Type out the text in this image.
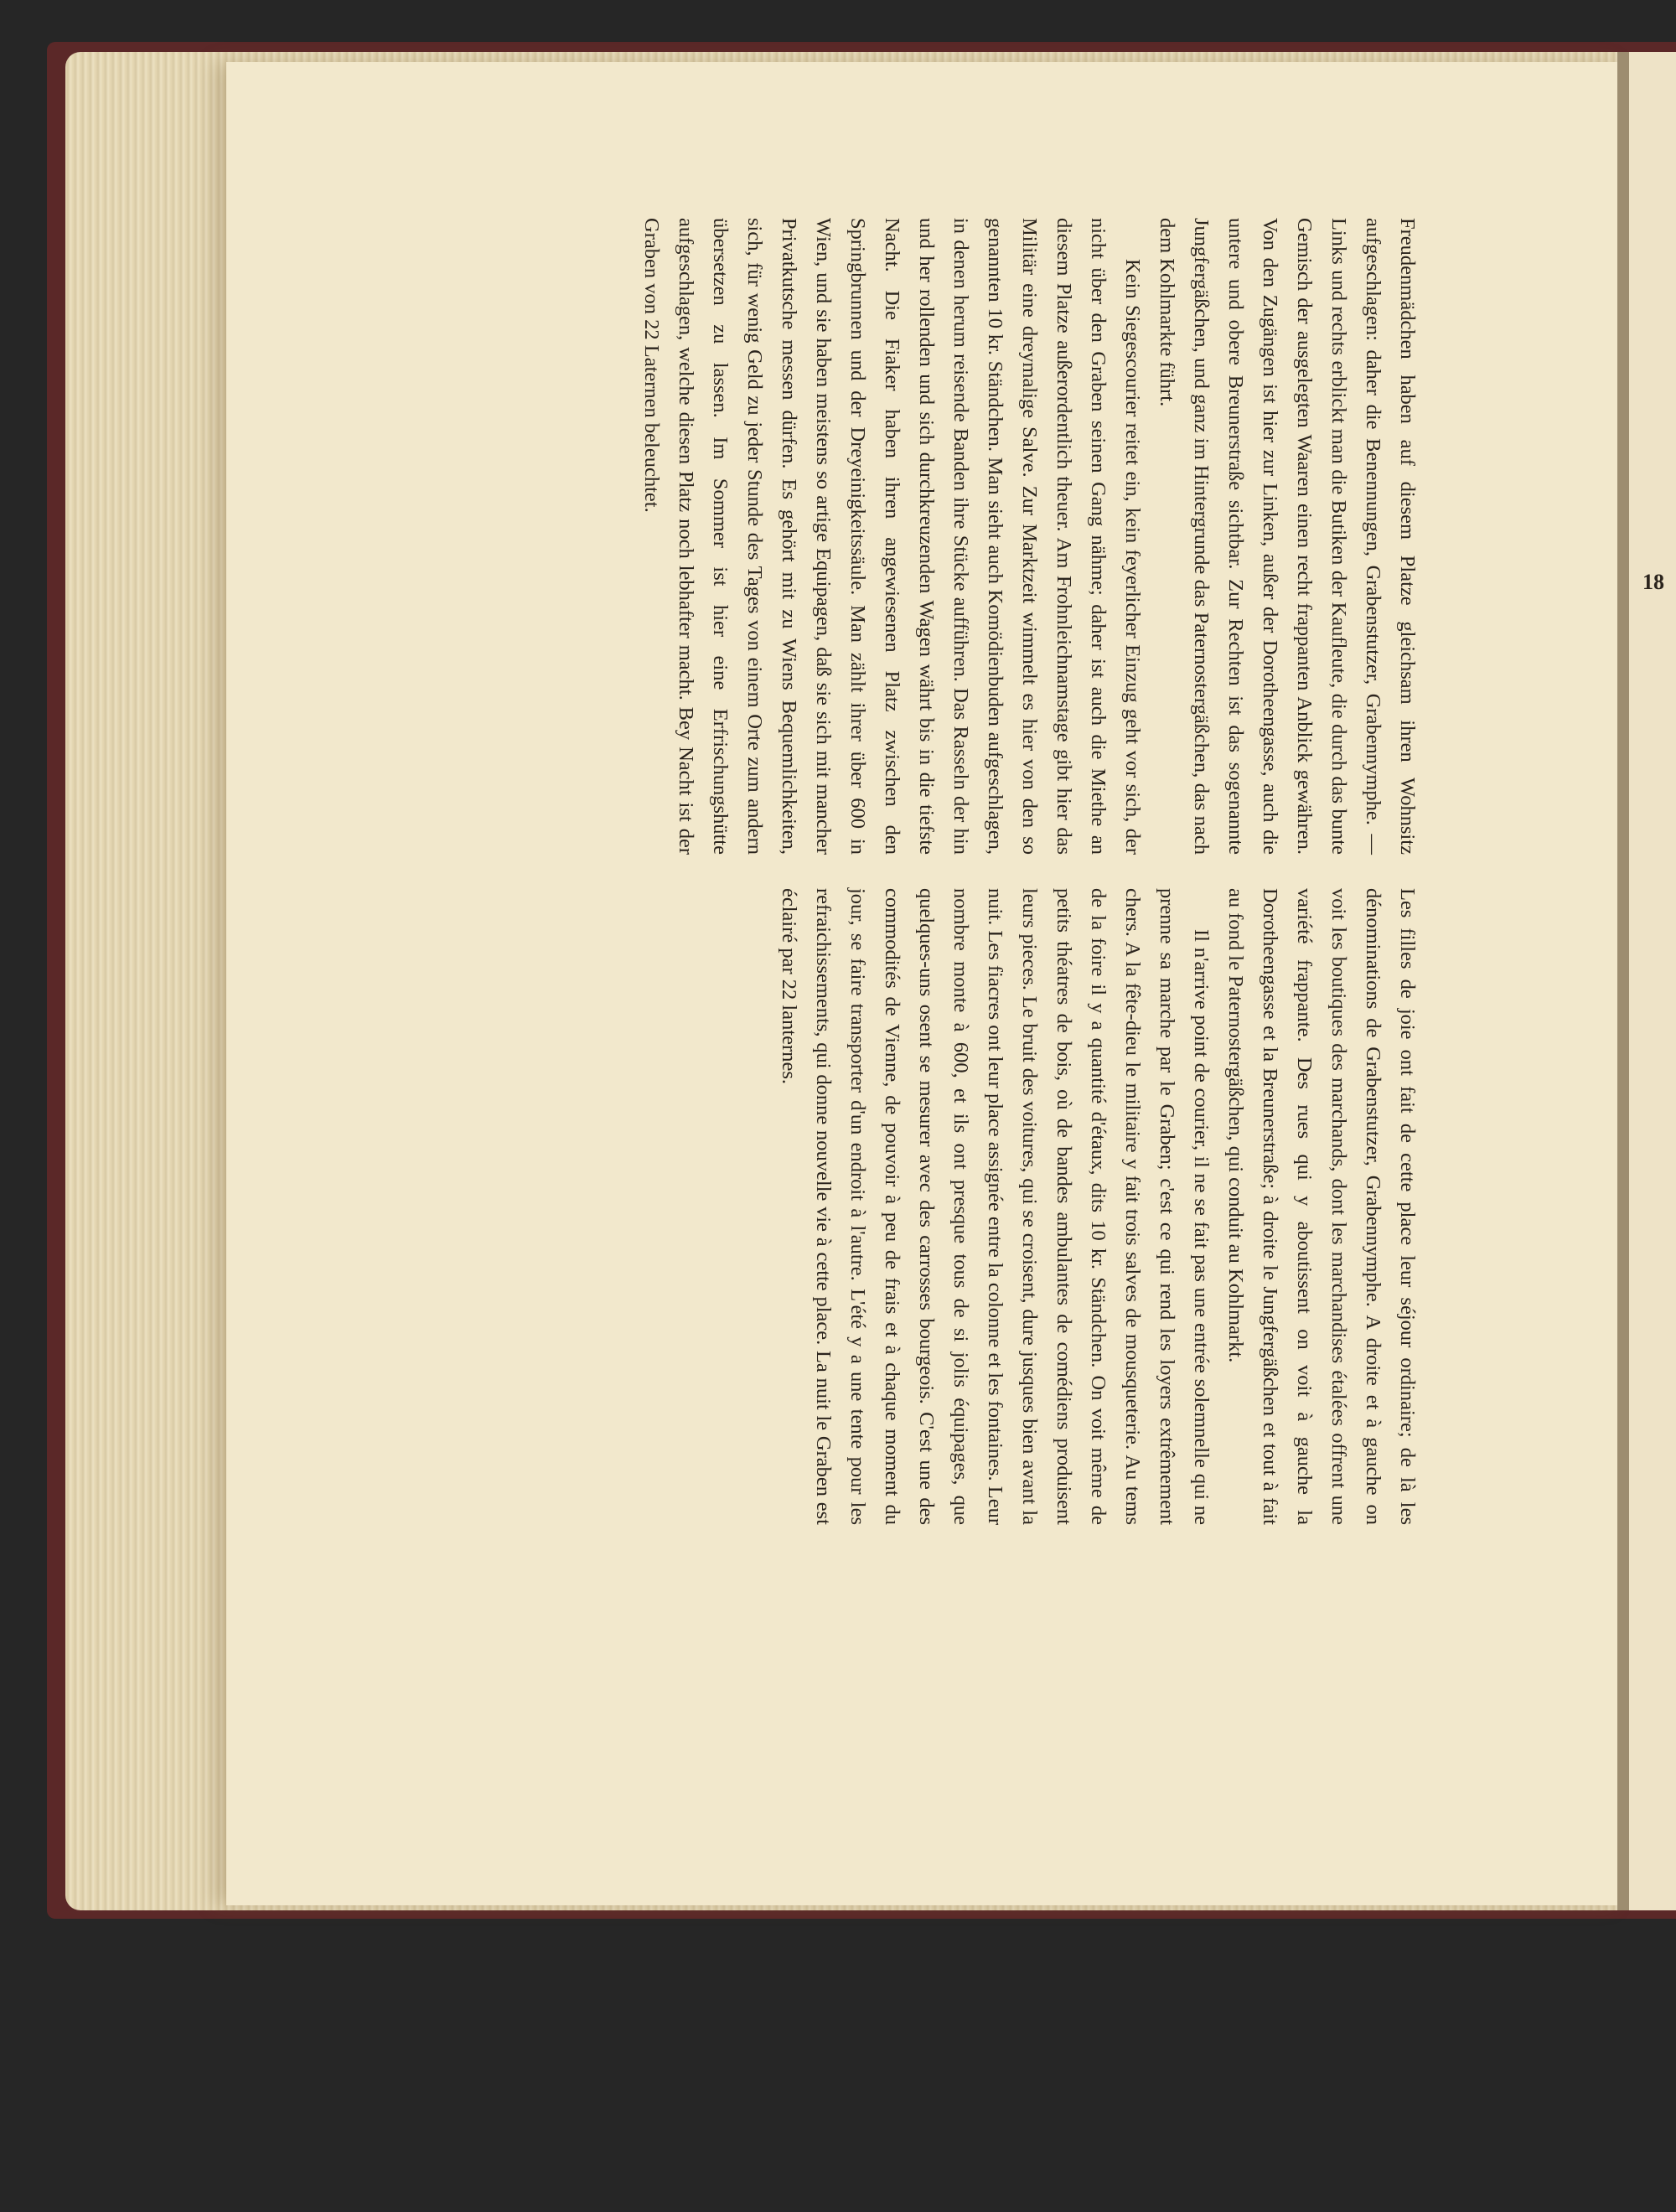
Freudenmädchen haben auf diesem Platze gleichsam ihren Wohnsitz aufgeschlagen: daher die Benennungen, Grabenstutzer, Grabennymphe. — Links und rechts erblickt man die Butiken der Kaufleute, die durch das bunte Gemisch der ausgelegten Waaren einen recht frappanten Anblick gewähren. Von den Zugängen ist hier zur Linken, außer der Dorotheengasse, auch die untere und obere Breunerstraße sichtbar. Zur Rechten ist das sogenannte Jungfergäßchen, und ganz im Hintergrunde das Paternostergäßchen, das nach dem Kohlmarkte führt.

Kein Siegescourier reitet ein, kein feyerlicher Einzug geht vor sich, der nicht über den Graben seinen Gang nähme; daher ist auch die Miethe an diesem Platze außerordentlich theuer. Am Frohnleichnamstage gibt hier das Militär eine dreymalige Salve. Zur Marktzeit wimmelt es hier von den so genannten 10 kr. Ständchen. Man sieht auch Komödienbuden aufgeschlagen, in denen herum reisende Banden ihre Stücke aufführen. Das Rasseln der hin und her rollenden und sich durchkreuzenden Wagen währt bis in die tiefste Nacht. Die Fiaker haben ihren angewiesenen Platz zwischen den Springbrunnen und der Dreyeinigkeitssäule. Man zählt ihrer über 600 in Wien, und sie haben meistens so artige Equipagen, daß sie sich mit mancher Privatkutsche messen dürfen. Es gehört mit zu Wiens Bequemlichkeiten, sich, für wenig Geld zu jeder Stunde des Tages von einem Orte zum andern übersetzen zu lassen. Im Sommer ist hier eine Erfrischungshütte aufgeschlagen, welche diesen Platz noch lebhafter macht. Bey Nacht ist der Graben von 22 Laternen beleuchtet.

Les filles de joie ont fait de cette place leur séjour ordinaire; de là les dénominations de Grabenstutzer, Grabennymphe. A droite et à gauche on voit les boutiques des marchands, dont les marchandises étalées offrent une variété frappante. Des rues qui y aboutissent on voit à gauche la Dorotheengasse et la Breunerstraße; à droite le Jungfergäßchen et tout à fait au fond le Paternostergäßchen, qui conduit au Kohlmarkt.

Il n'arrive point de courier, il ne se fait pas une entrée solemnelle qui ne prenne sa marche par le Graben; c'est ce qui rend les loyers extrêmement chers. A la fête-dieu le militaire y fait trois salves de mousqueterie. Au tems de la foire il y a quantité d'étaux, dits 10 kr. Ständchen. On voit même de petits théatres de bois, où de bandes ambulantes de comédiens produisent leurs pieces. Le bruit des voitures, qui se croisent, dure jusques bien avant la nuit. Les fiacres ont leur place assignée entre la colonne et les fontaines. Leur nombre monte à 600, et ils ont presque tous de si jolis équipages, que quelques-uns osent se mesurer avec des carrosses bourgeois. C'est une des commodités de Vienne, de pouvoir à peu de frais et à chaque moment du jour, se faire transporter d'un endroit à l'autre. L'été y a une tente pour les refraichissements, qui donne nouvelle vie à cette place. La nuit le Graben est éclairé par 22 lanternes.

18
